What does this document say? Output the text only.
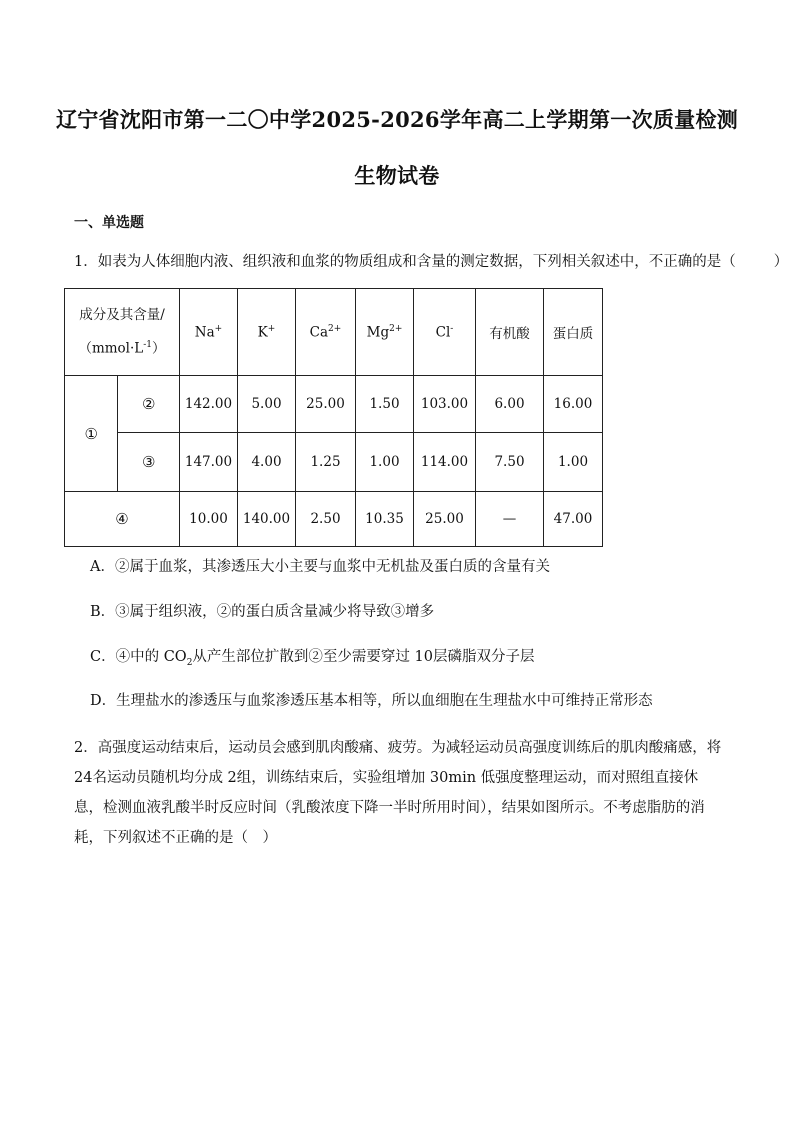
辽宁省沈阳市第一二〇中学2025-2026学年高二上学期第一次质量检测
生物试卷
一、单选题
1．如表为人体细胞内液、组织液和血浆的物质组成和含量的测定数据，下列相关叙述中，不正确的是（	）
成分及其含量/
$(mmol\cdot L^{-1})$		Na+	K+	$Ca^{2+}$	$Mg^{2+}$	Cl-	有机酸	蛋白质
①	②	142.00	5.00	25.00	1.50	103.00	6.00	16.00
	③	147.00	4.00	1.25	1.00	114.00	7.50	1.00
④		10.00	140.00	2.50	10.35	25.00	—	47.00
A．②属于血浆，其渗透压大小主要与血浆中无机盐及蛋白质的含量有关
B．③属于组织液，②的蛋白质含量减少将导致③增多
C．④中的 $CO_2$从产生部位扩散到②至少需要穿过 10层磷脂双分子层
D．生理盐水的渗透压与血浆渗透压基本相等，所以血细胞在生理盐水中可维持正常形态
2．高强度运动结束后，运动员会感到肌肉酸痛、疲劳。为减轻运动员高强度训练后的肌肉酸痛感，将 24名运动员随机均分成 2组，训练结束后，实验组增加 30min 低强度整理运动，而对照组直接休息，检测血液乳酸半时反应时间（乳酸浓度下降一半时所用时间），结果如图所示。不考虑脂肪的消耗，下列叙述不正确的是（　）
